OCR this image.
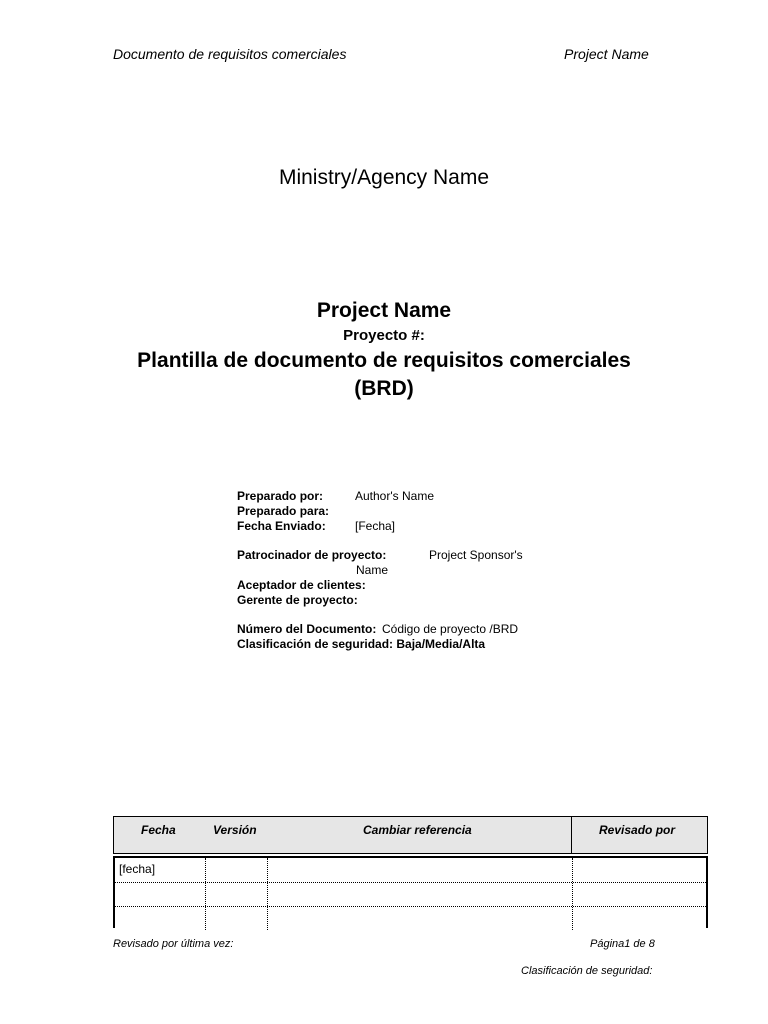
Documento de requisitos comerciales	Project Name
Ministry/Agency Name
Project Name
Proyecto #:
Plantilla de documento de requisitos comerciales
(BRD)
Preparado por:	Author's Name
Preparado para:
Fecha Enviado: [Fecha]
Patrocinador de proyecto:	Project Sponsor's
Name
Aceptador de clientes:
Gerente de proyecto:
Número del Documento: Código de proyecto /BRD
Clasificación de seguridad: Baja/Media/Alta
Fecha	Versión	Cambiar referencia	Revisado por
[fecha]
Revisado por última vez:	Página1 de 8
Clasificación de seguridad:
